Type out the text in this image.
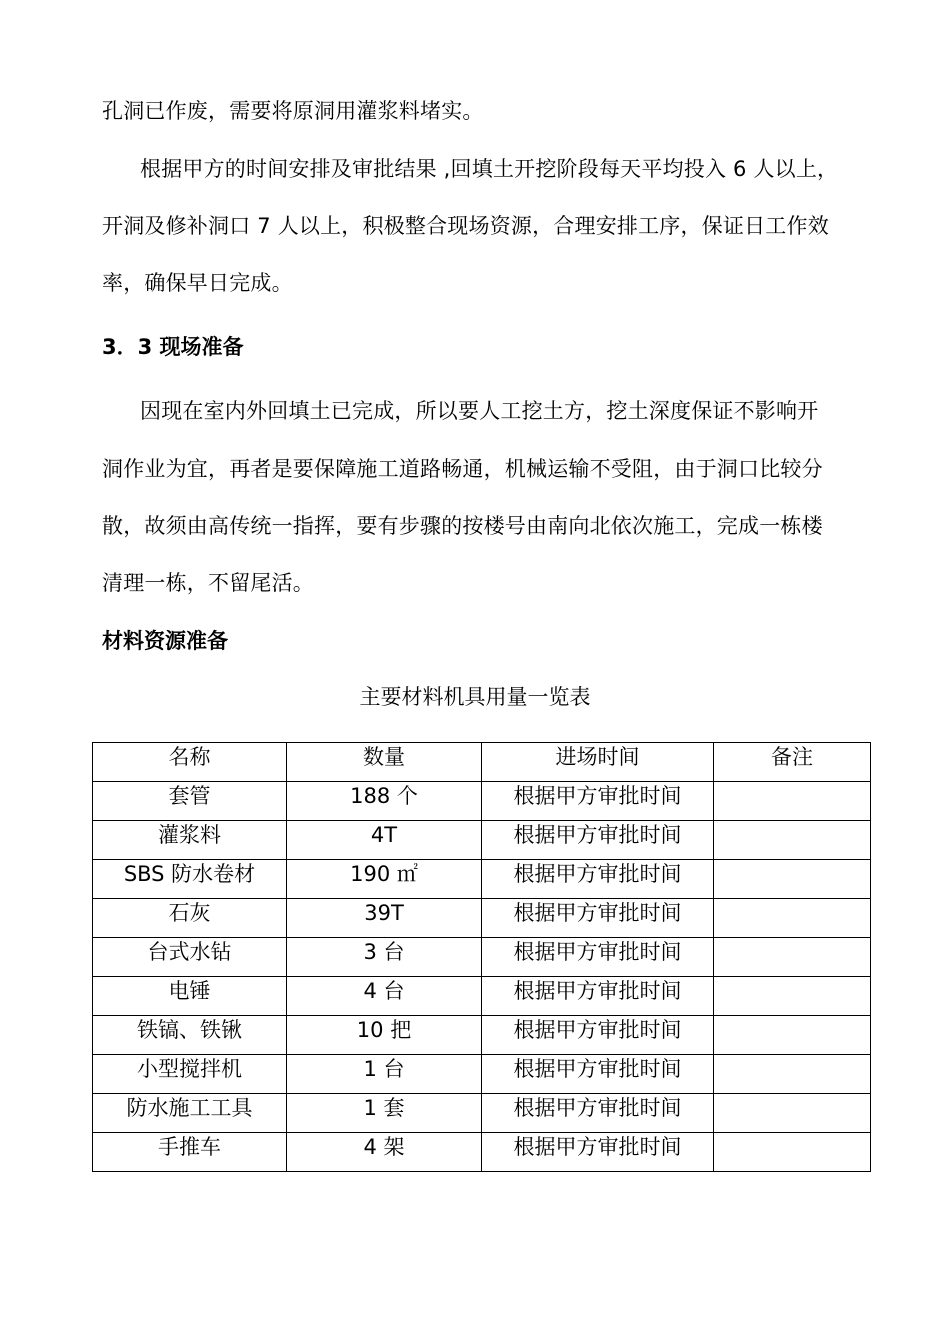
孔洞已作废，需要将原洞用灌浆料堵实。
根据甲方的时间安排及审批结果 ,回填土开挖阶段每天平均投入 6 人以上，
开洞及修补洞口 7 人以上，积极整合现场资源，合理安排工序，保证日工作效
率，确保早日完成。
3．3 现场准备
因现在室内外回填土已完成，所以要人工挖土方，挖土深度保证不影响开
洞作业为宜，再者是要保障施工道路畅通，机械运输不受阻，由于洞口比较分
散，故须由高传统一指挥，要有步骤的按楼号由南向北依次施工，完成一栋楼
清理一栋，不留尾活。
材料资源准备
主要材料机具用量一览表
名称	数量	进场时间	备注
套管	188 个	根据甲方审批时间	
灌浆料	4T	根据甲方审批时间	
SBS 防水卷材	190 ㎡	根据甲方审批时间	
石灰	39T	根据甲方审批时间	
台式水钻	3 台	根据甲方审批时间	
电锤	4 台	根据甲方审批时间	
铁镐、铁锹	10 把	根据甲方审批时间	
小型搅拌机	1 台	根据甲方审批时间	
防水施工工具	1 套	根据甲方审批时间	
手推车	4 架	根据甲方审批时间	
